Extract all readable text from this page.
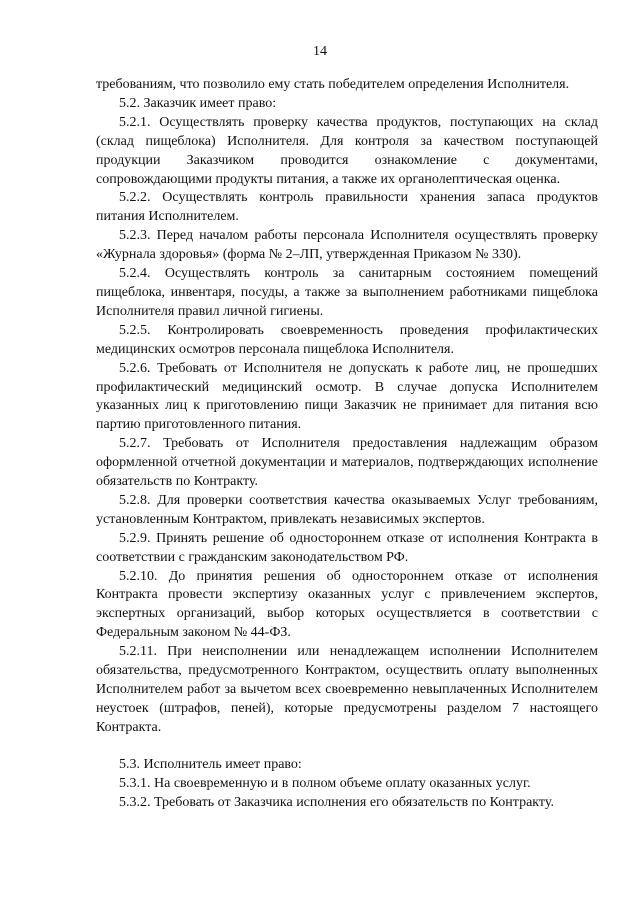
14

требованиям, что позволило ему стать победителем определения Исполнителя.

5.2. Заказчик имеет право:

5.2.1. Осуществлять проверку качества продуктов, поступающих на склад (склад пищеблока) Исполнителя. Для контроля за качеством поступающей продукции Заказчиком проводится ознакомление с документами, сопровождающими продукты питания, а также их органолептическая оценка.

5.2.2. Осуществлять контроль правильности хранения запаса продуктов питания Исполнителем.

5.2.3. Перед началом работы персонала Исполнителя осуществлять проверку «Журнала здоровья» (форма № 2–ЛП, утвержденная Приказом № 330).

5.2.4. Осуществлять контроль за санитарным состоянием помещений пищеблока, инвентаря, посуды, а также за выполнением работниками пищеблока Исполнителя правил личной гигиены.

5.2.5. Контролировать своевременность проведения профилактических медицинских осмотров персонала пищеблока Исполнителя.

5.2.6. Требовать от Исполнителя не допускать к работе лиц, не прошедших профилактический медицинский осмотр. В случае допуска Исполнителем указанных лиц к приготовлению пищи Заказчик не принимает для питания всю партию приготовленного питания.

5.2.7. Требовать от Исполнителя предоставления надлежащим образом оформленной отчетной документации и материалов, подтверждающих исполнение обязательств по Контракту.

5.2.8. Для проверки соответствия качества оказываемых Услуг требованиям, установленным Контрактом, привлекать независимых экспертов.

5.2.9. Принять решение об одностороннем отказе от исполнения Контракта в соответствии с гражданским законодательством РФ.

5.2.10. До принятия решения об одностороннем отказе от исполнения Контракта провести экспертизу оказанных услуг с привлечением экспертов, экспертных организаций, выбор которых осуществляется в соответствии с Федеральным законом № 44-ФЗ.

5.2.11. При неисполнении или ненадлежащем исполнении Исполнителем обязательства, предусмотренного Контрактом, осуществить оплату выполненных Исполнителем работ за вычетом всех своевременно невыплаченных Исполнителем неустоек (штрафов, пеней), которые предусмотрены разделом 7 настоящего Контракта.

5.3. Исполнитель имеет право:

5.3.1. На своевременную и в полном объеме оплату оказанных услуг.

5.3.2. Требовать от Заказчика исполнения его обязательств по Контракту.
